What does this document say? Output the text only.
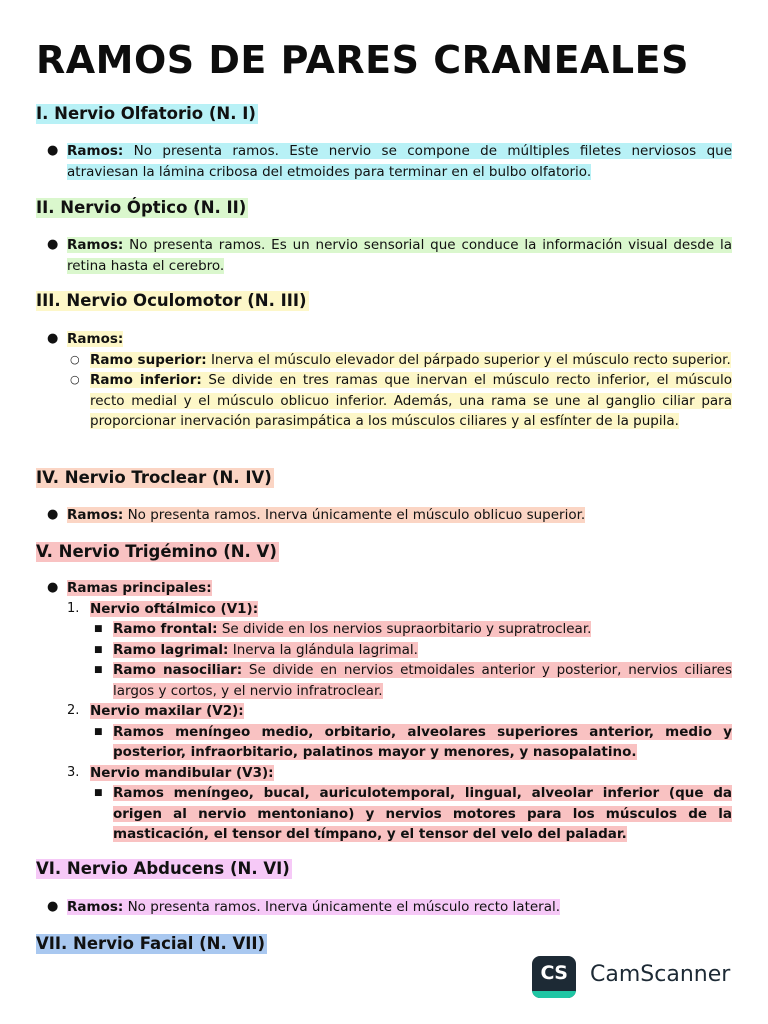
RAMOS DE PARES CRANEALES
I. Nervio Olfatorio (N. I)
● Ramos: No presenta ramos. Este nervio se compone de múltiples filetes nerviosos que atraviesan la lámina cribosa del etmoides para terminar en el bulbo olfatorio.
II. Nervio Óptico (N. II)
● Ramos: No presenta ramos. Es un nervio sensorial que conduce la información visual desde la retina hasta el cerebro.
III. Nervio Oculomotor (N. III)
● Ramos:
○ Ramo superior: Inerva el músculo elevador del párpado superior y el músculo recto superior.
○ Ramo inferior: Se divide en tres ramas que inervan el músculo recto inferior, el músculo recto medial y el músculo oblicuo inferior. Además, una rama se une al ganglio ciliar para proporcionar inervación parasimpática a los músculos ciliares y al esfínter de la pupila.
IV. Nervio Troclear (N. IV)
● Ramos: No presenta ramos. Inerva únicamente el músculo oblicuo superior.
V. Nervio Trigémino (N. V)
● Ramas principales:
1. Nervio oftálmico (V1):
■ Ramo frontal: Se divide en los nervios supraorbitario y supratroclear.
■ Ramo lagrimal: Inerva la glándula lagrimal.
■ Ramo nasociliar: Se divide en nervios etmoidales anterior y posterior, nervios ciliares largos y cortos, y el nervio infratroclear.
2. Nervio maxilar (V2):
■ Ramos meníngeo medio, orbitario, alveolares superiores anterior, medio y posterior, infraorbitario, palatinos mayor y menores, y nasopalatino.
3. Nervio mandibular (V3):
■ Ramos meníngeo, bucal, auriculotemporal, lingual, alveolar inferior (que da origen al nervio mentoniano) y nervios motores para los músculos de la masticación, el tensor del tímpano, y el tensor del velo del paladar.
VI. Nervio Abducens (N. VI)
● Ramos: No presenta ramos. Inerva únicamente el músculo recto lateral.
VII. Nervio Facial (N. VII)
CS	CamScanner
